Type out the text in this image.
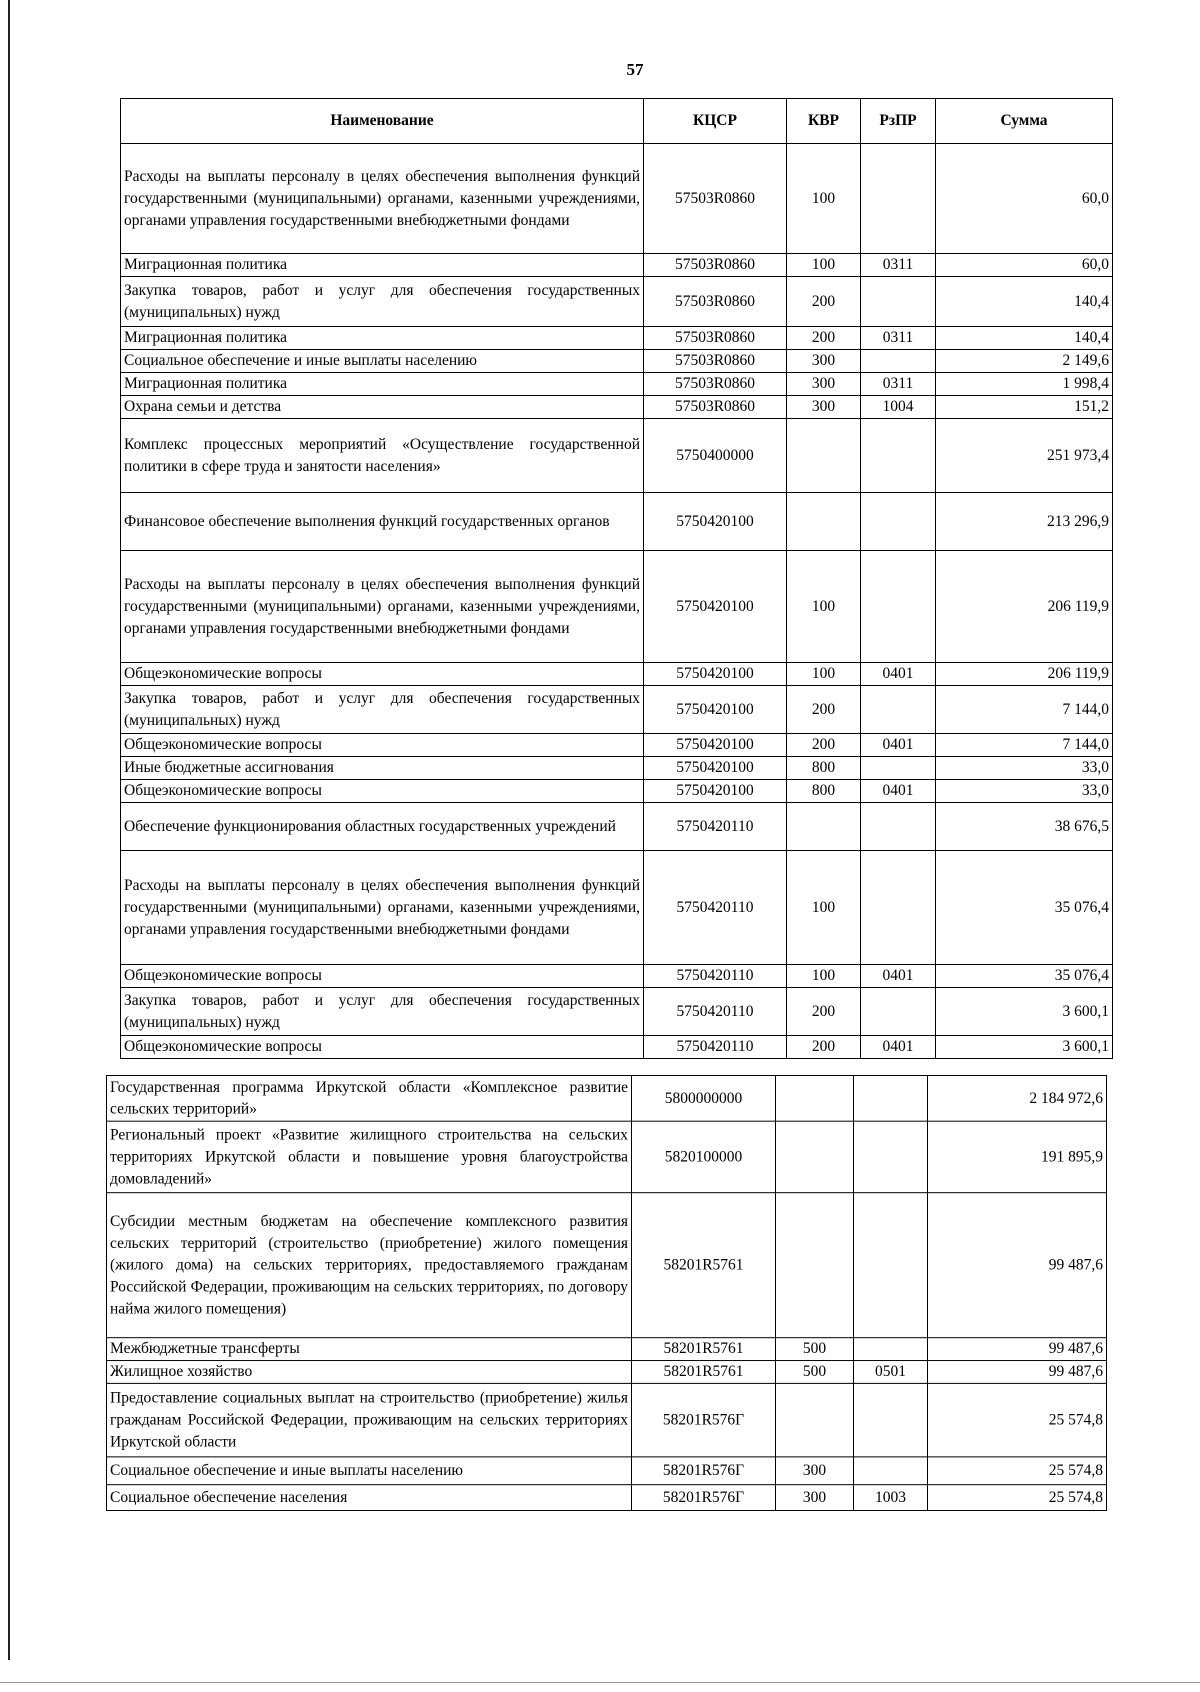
57
Наименование	КЦСР	КВР	РзПР	Сумма
Расходы на выплаты персоналу в целях обеспечения выполнения функций государственными (муниципальными) органами, казенными учреждениями, органами управления государственными внебюджетными фондами	57503R0860	100		60,0
Миграционная политика	57503R0860	100	0311	60,0
Закупка товаров, работ и услуг для обеспечения государственных (муниципальных) нужд	57503R0860	200		140,4
Миграционная политика	57503R0860	200	0311	140,4
Социальное обеспечение и иные выплаты населению	57503R0860	300		2 149,6
Миграционная политика	57503R0860	300	0311	1 998,4
Охрана семьи и детства	57503R0860	300	1004	151,2
Комплекс процессных мероприятий «Осуществление государственной политики в сфере труда и занятости населения»	5750400000			251 973,4
Финансовое обеспечение выполнения функций государственных органов	5750420100			213 296,9
Расходы на выплаты персоналу в целях обеспечения выполнения функций государственными (муниципальными) органами, казенными учреждениями, органами управления государственными внебюджетными фондами	5750420100	100		206 119,9
Общеэкономические вопросы	5750420100	100	0401	206 119,9
Закупка товаров, работ и услуг для обеспечения государственных (муниципальных) нужд	5750420100	200		7 144,0
Общеэкономические вопросы	5750420100	200	0401	7 144,0
Иные бюджетные ассигнования	5750420100	800		33,0
Общеэкономические вопросы	5750420100	800	0401	33,0
Обеспечение функционирования областных государственных учреждений	5750420110			38 676,5
Расходы на выплаты персоналу в целях обеспечения выполнения функций государственными (муниципальными) органами, казенными учреждениями, органами управления государственными внебюджетными фондами	5750420110	100		35 076,4
Общеэкономические вопросы	5750420110	100	0401	35 076,4
Закупка товаров, работ и услуг для обеспечения государственных (муниципальных) нужд	5750420110	200		3 600,1
Общеэкономические вопросы	5750420110	200	0401	3 600,1
Государственная программа Иркутской области «Комплексное развитие сельских территорий»	5800000000			2 184 972,6
Региональный проект «Развитие жилищного строительства на сельских территориях Иркутской области и повышение уровня благоустройства домовладений»	5820100000			191 895,9
Субсидии местным бюджетам на обеспечение комплексного развития сельских территорий (строительство (приобретение) жилого помещения (жилого дома) на сельских территориях, предоставляемого гражданам Российской Федерации, проживающим на сельских территориях, по договору найма жилого помещения)	58201R5761			99 487,6
Межбюджетные трансферты	58201R5761	500		99 487,6
Жилищное хозяйство	58201R5761	500	0501	99 487,6
Предоставление социальных выплат на строительство (приобретение) жилья гражданам Российской Федерации, проживающим на сельских территориях Иркутской области	58201R576Г			25 574,8
Социальное обеспечение и иные выплаты населению	58201R576Г	300		25 574,8
Социальное обеспечение населения	58201R576Г	300	1003	25 574,8
